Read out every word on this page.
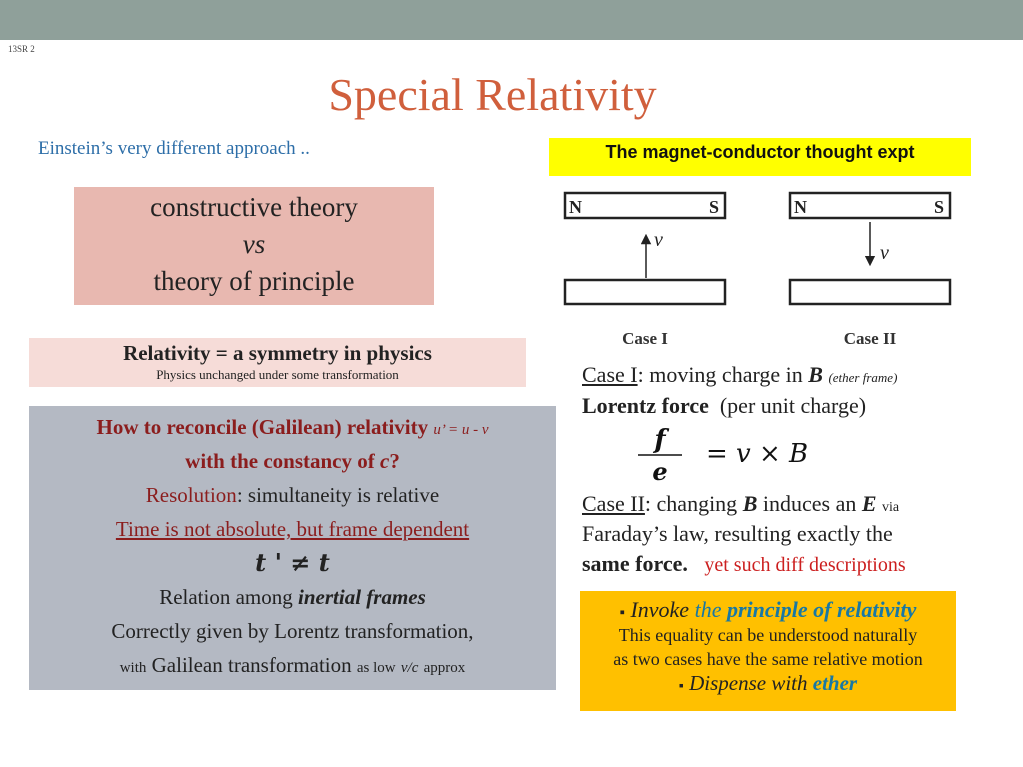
13SR 2
Special Relativity
Einstein’s very different approach ..
constructive theory
vs
theory of principle
Relativity = a symmetry in physics
Physics unchanged under some transformation
How to reconcile (Galilean) relativity u’ = u - v
with the constancy of c?
Resolution: simultaneity is relative
Time is not absolute, but frame dependent
t ' ≠ t
Relation among inertial frames
Correctly given by Lorentz transformation,
with Galilean transformation as low v/c approx
The magnet-conductor thought expt
N	S
v
Case I
N	S
v
Case II
Case I: moving charge in B (ether frame)
Lorentz force (per unit charge)
f
e
= v × B
Case II: changing B induces an E via
Faraday’s law, resulting exactly the
same force. yet such diff descriptions
▪ Invoke the principle of relativity
This equality can be understood naturally
as two cases have the same relative motion
▪ Dispense with ether
